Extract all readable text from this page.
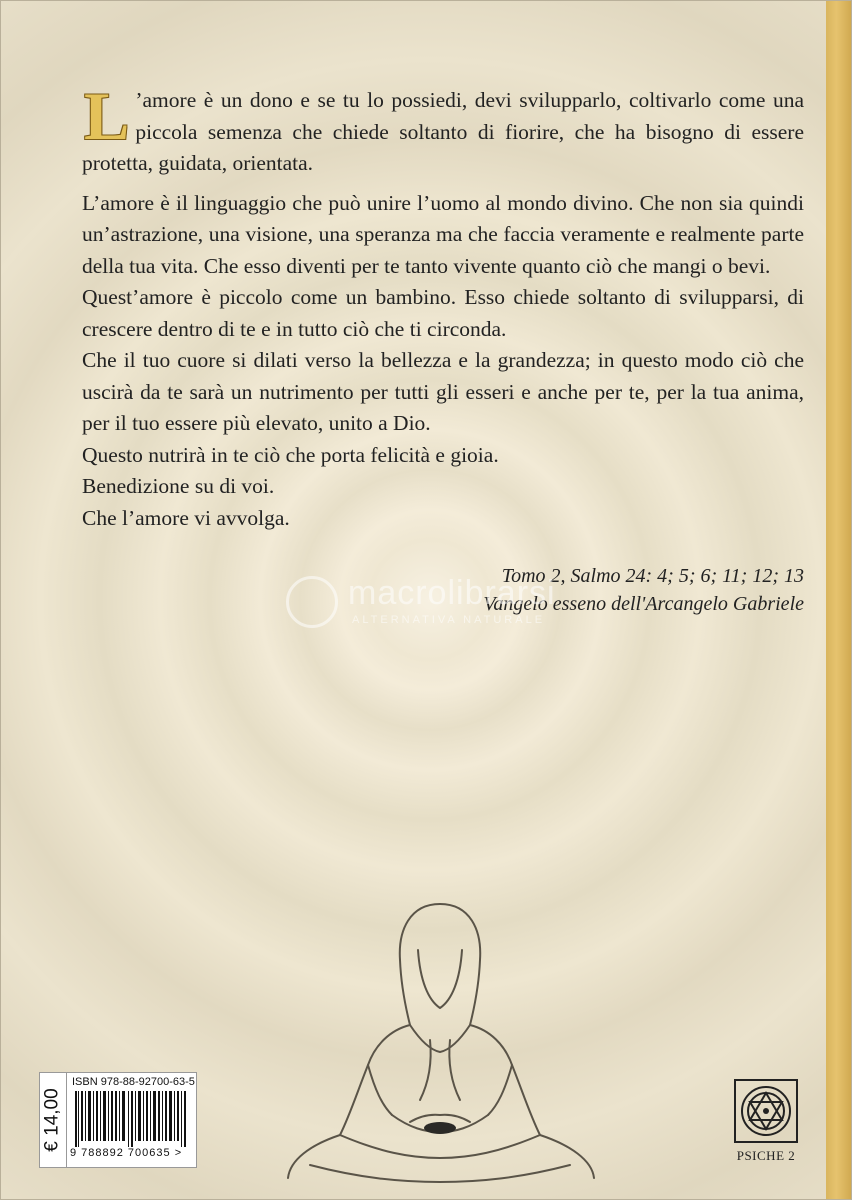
L ’amore è un dono e se tu lo possiedi, devi svilupparlo, coltivarlo come una piccola semenza che chiede soltanto di fiorire, che ha bisogno di essere protetta, guidata, orientata.

L’amore è il linguaggio che può unire l’uomo al mondo divino. Che non sia quindi un’astrazione, una visione, una speranza ma che faccia veramente e realmente parte della tua vita. Che esso diventi per te tanto vivente quanto ciò che mangi o bevi.

Quest’amore è piccolo come un bambino. Esso chiede soltanto di svilupparsi, di crescere dentro di te e in tutto ciò che ti circonda.

Che il tuo cuore si dilati verso la bellezza e la grandezza; in questo modo ciò che uscirà da te sarà un nutrimento per tutti gli esseri e anche per te, per la tua anima, per il tuo essere più elevato, unito a Dio.

Questo nutrirà in te ciò che porta felicità e gioia.

Benedizione su di voi.

Che l’amore vi avvolga.

Tomo 2, Salmo 24: 4; 5; 6; 11; 12; 13
Vangelo esseno dell'Arcangelo Gabriele
macrolibrarsi
ALTERNATIVA NATURALE
€ 14,00
ISBN 978-88-92700-63-5
9 788892 700635 >	PSICHE 2
